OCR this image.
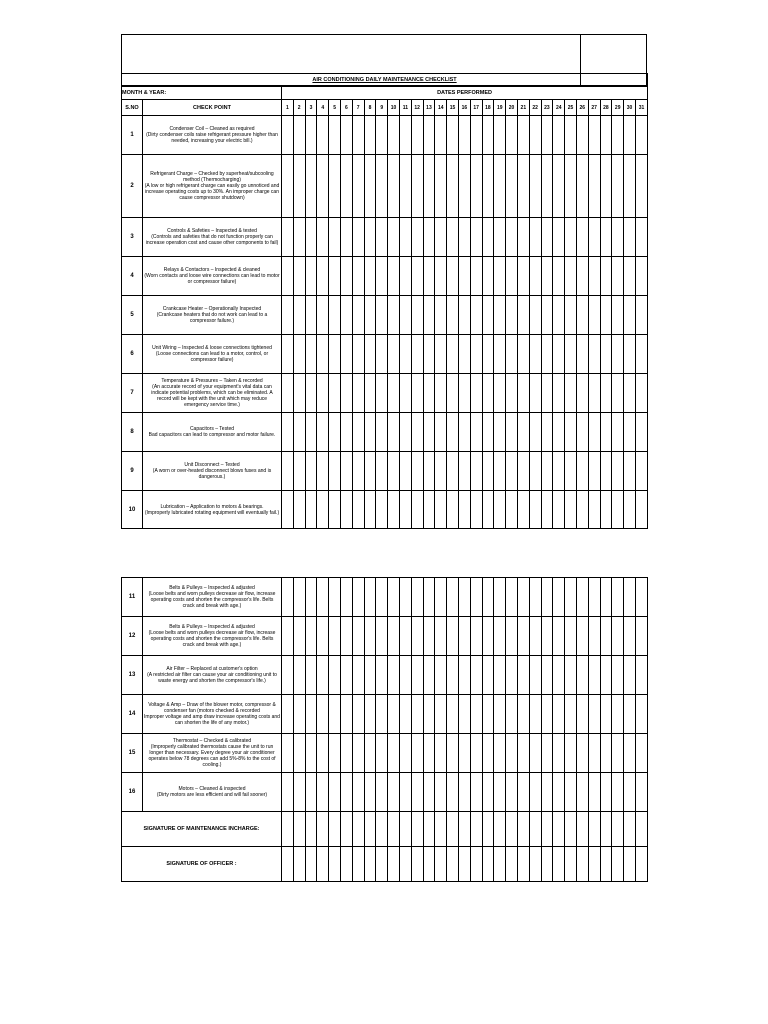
AIR CONDITIONING DAILY MAINTENANCE CHECKLIST																																
MONTH & YEAR:		DATES PERFORMED																														
S.NO	CHECK POINT	1	2	3	4	5	6	7	8	9	10	11	12	13	14	15	16	17	18	19	20	21	22	23	24	25	26	27	28	29	30	31
1	Condenser Coil – Cleaned as required
(Dirty condenser coils raise refrigerant pressure higher than needed, increasing your electric bill.)																															
2	Refrigerant Charge – Checked by superheat/subcooling method (Thermocharging)
(A low or high refrigerant charge can easily go unnoticed and increase operating costs up to 30%. An improper charge can cause compressor shutdown)																															
3	Controls & Safeties – Inspected & tested
(Controls and safeties that do not function properly can increase operation cost and cause other components to fail)																															
4	Relays & Contactors – Inspected & cleaned
(Worn contacts and loose wire connections can lead to motor or compressor failure)																															
5	Crankcase Heater – Operationally Inspected
(Crankcase heaters that do not work can lead to a compressor failure.)																															
6	Unit Wiring – Inspected & loose connections tightened
(Loose connections can lead to a motor, control, or compressor failure)																															
7	Temperature & Pressures – Taken & recorded
(An accurate record of your equipment's vital data can indicate potential problems, which can be eliminated. A record will be kept with the unit which may reduce emergency service time.)																															
8	Capacitors – Tested
Bad capacitors can lead to compressor and motor failure.																															
9	Unit Disconnect – Tested
(A worn or over-heated disconnect blows fuses and is dangerous.)																															
10	Lubrication – Application to motors & bearings.
(Improperly lubricated rotating equipment will eventually fail.)																															
11	Belts & Pulleys – Inspected & adjusted
(Loose belts and worn pulleys decrease air flow, increase operating costs and shorten the compressor's life. Belts crack and break with age.)																															
12	Belts & Pulleys – Inspected & adjusted
(Loose belts and worn pulleys decrease air flow, increase operating costs and shorten the compressor's life. Belts crack and break with age.)																															
13	Air Filter – Replaced at customer's option
(A restricted air filter can cause your air conditioning unit to waste energy and shorten the compressor's life.)																															
14	Voltage & Amp – Draw of the blower motor, compressor & condenser fan (motors checked & recorded
Improper voltage and amp draw increase operating costs and can shorten the life of any motor.)																															
15	Thermostat – Checked & calibrated
(Improperly calibrated thermostats cause the unit to run longer than necessary. Every degree your air conditioner operates below 78 degrees can add 5%-8% to the cost of cooling.)																															
16	Motors – Cleaned & inspected
(Dirty motors are less efficient and will fail sooner)																															
SIGNATURE OF MAINTENANCE INCHARGE:																																
SIGNATURE OF OFFICER :																																
